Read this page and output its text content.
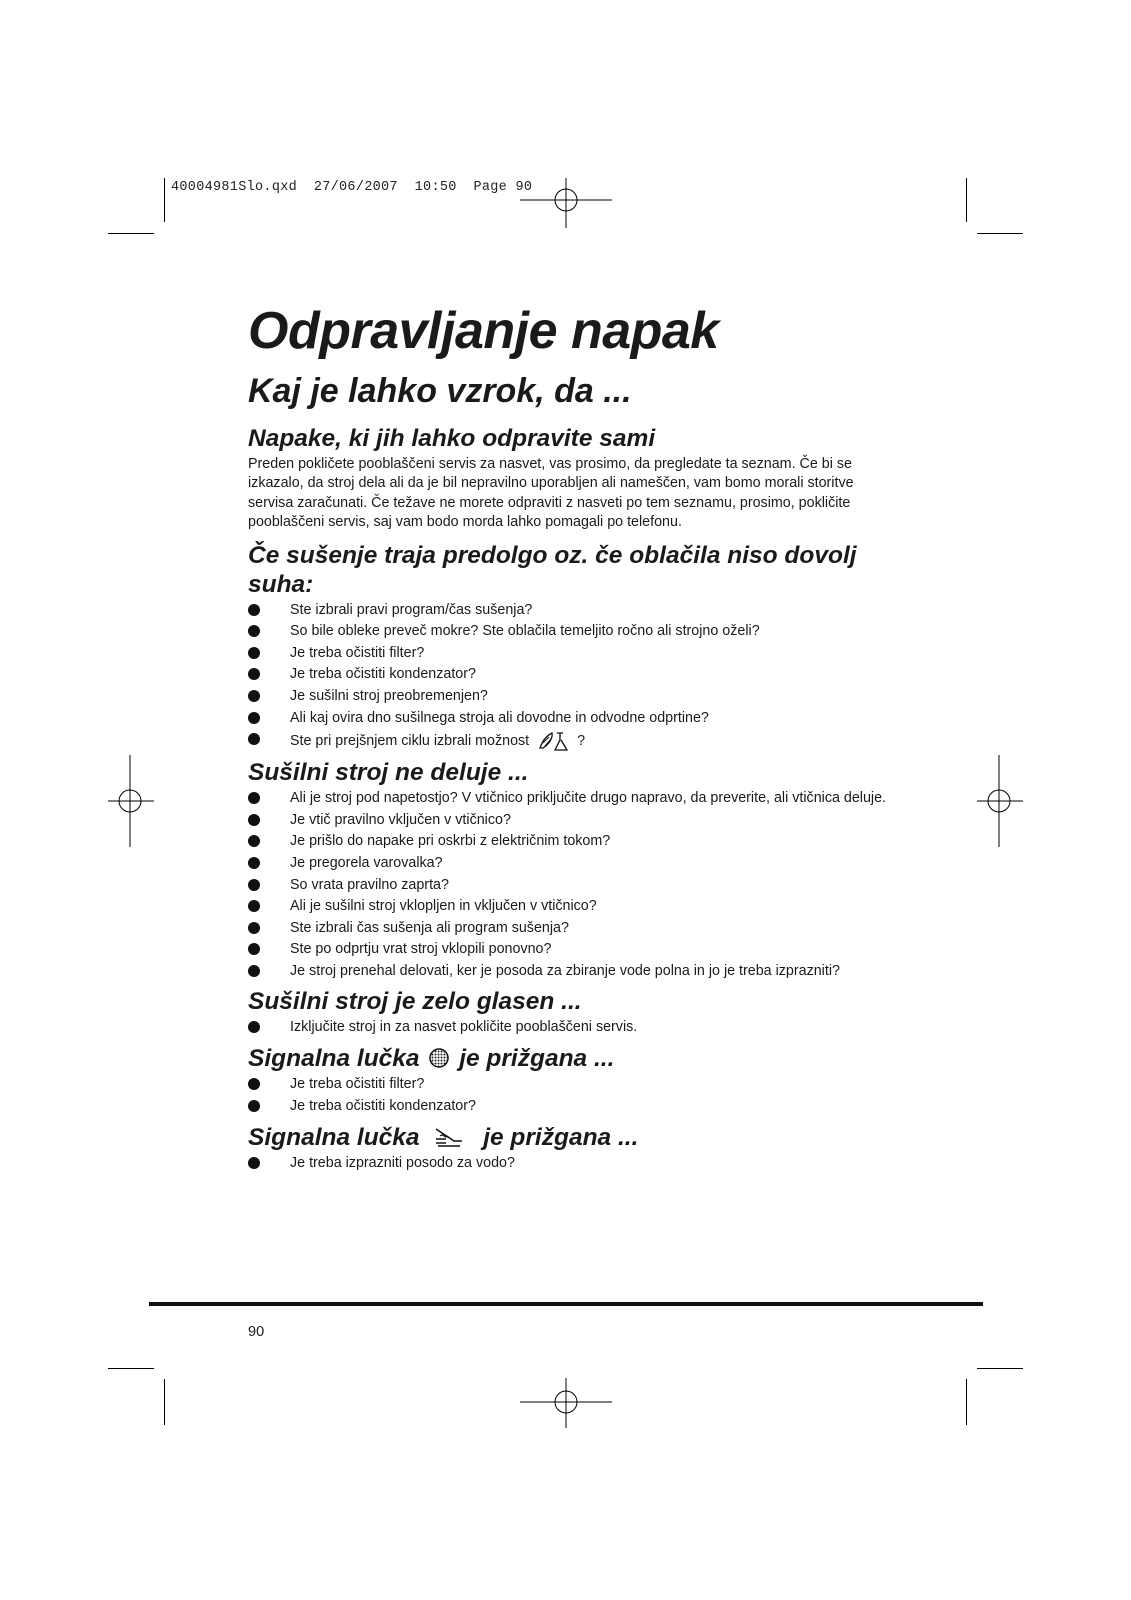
40004981Slo.qxd  27/06/2007  10:50  Page 90
Odpravljanje napak
Kaj je lahko vzrok, da ...
Napake, ki jih lahko odpravite sami

Preden pokličete pooblaščeni servis za nasvet, vas prosimo, da pregledate ta seznam. Če bi se izkazalo, da stroj dela ali da je bil nepravilno uporabljen ali nameščen, vam bomo morali storitve servisa zaračunati. Če težave ne morete odpraviti z nasveti po tem seznamu, prosimo, pokličite pooblaščeni servis, saj vam bodo morda lahko pomagali po telefonu.

Če sušenje traja predolgo oz. če oblačila niso dovolj suha:
Ste izbrali pravi program/čas sušenja?
So bile obleke preveč mokre? Ste oblačila temeljito ročno ali strojno oželi?
Je treba očistiti filter?
Je treba očistiti kondenzator?
Je sušilni stroj preobremenjen?
Ali kaj ovira dno sušilnega stroja ali dovodne in odvodne odprtine?
Ste pri prejšnjem ciklu izbrali možnost	?
Sušilni stroj ne deluje ...
Ali je stroj pod napetostjo? V vtičnico priključite drugo napravo, da preverite, ali vtičnica deluje.
Je vtič pravilno vključen v vtičnico?
Je prišlo do napake pri oskrbi z električnim tokom?
Je pregorela varovalka?
So vrata pravilno zaprta?
Ali je sušilni stroj vklopljen in vključen v vtičnico?
Ste izbrali čas sušenja ali program sušenja?
Ste po odprtju vrat stroj vklopili ponovno?
Je stroj prenehal delovati, ker je posoda za zbiranje vode polna in jo je treba izprazniti?
Sušilni stroj je zelo glasen ...
Izključite stroj in za nasvet pokličite pooblaščeni servis.
Signalna lučka je prižgana ...
Je treba očistiti filter?
Je treba očistiti kondenzator?
Signalna lučka	je prižgana ...
Je treba izprazniti posodo za vodo?
90
